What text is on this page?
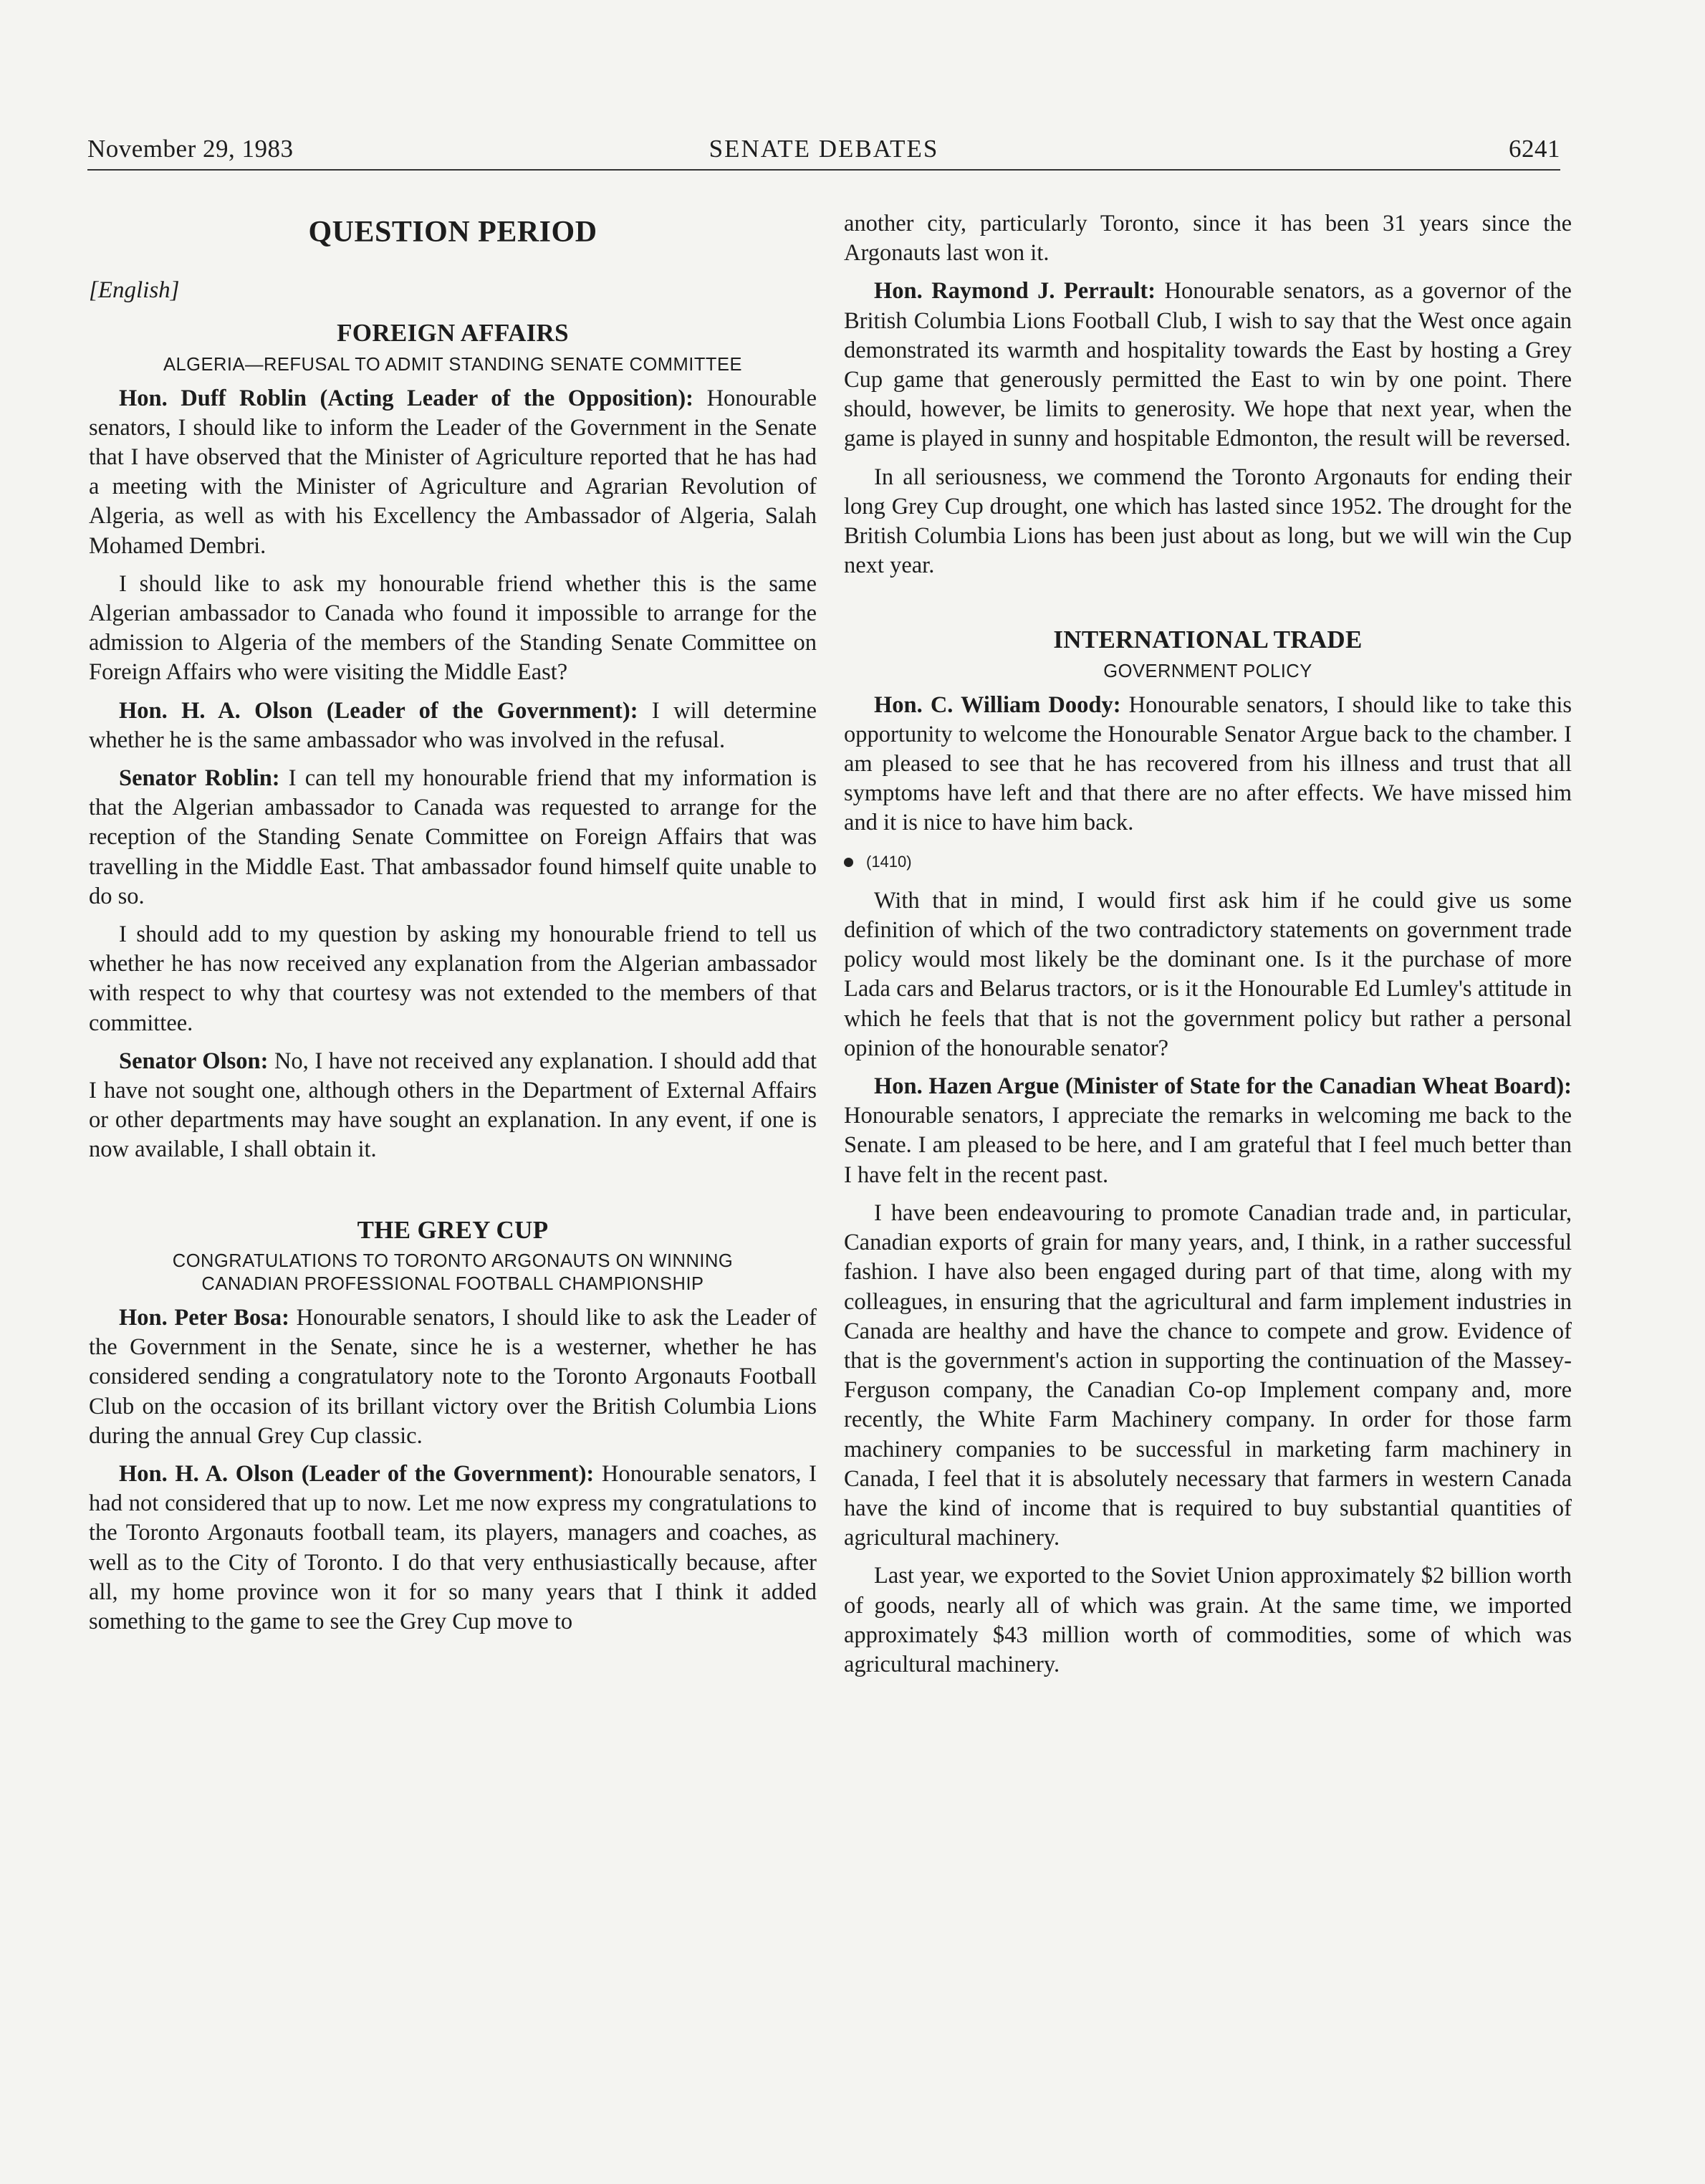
November 29, 1983	SENATE DEBATES	6241
QUESTION PERIOD
[English]
FOREIGN AFFAIRS
ALGERIA—REFUSAL TO ADMIT STANDING SENATE COMMITTEE

Hon. Duff Roblin (Acting Leader of the Opposition): Honourable senators, I should like to inform the Leader of the Government in the Senate that I have observed that the Minister of Agriculture reported that he has had a meeting with the Minister of Agriculture and Agrarian Revolution of Algeria, as well as with his Excellency the Ambassador of Algeria, Salah Mohamed Dembri.

I should like to ask my honourable friend whether this is the same Algerian ambassador to Canada who found it impossible to arrange for the admission to Algeria of the members of the Standing Senate Committee on Foreign Affairs who were visiting the Middle East?

Hon. H. A. Olson (Leader of the Government): I will determine whether he is the same ambassador who was involved in the refusal.

Senator Roblin: I can tell my honourable friend that my information is that the Algerian ambassador to Canada was requested to arrange for the reception of the Standing Senate Committee on Foreign Affairs that was travelling in the Middle East. That ambassador found himself quite unable to do so.

I should add to my question by asking my honourable friend to tell us whether he has now received any explanation from the Algerian ambassador with respect to why that courtesy was not extended to the members of that committee.

Senator Olson: No, I have not received any explanation. I should add that I have not sought one, although others in the Department of External Affairs or other departments may have sought an explanation. In any event, if one is now available, I shall obtain it.

THE GREY CUP
CONGRATULATIONS TO TORONTO ARGONAUTS ON WINNING
CANADIAN PROFESSIONAL FOOTBALL CHAMPIONSHIP

Hon. Peter Bosa: Honourable senators, I should like to ask the Leader of the Government in the Senate, since he is a westerner, whether he has considered sending a congratulatory note to the Toronto Argonauts Football Club on the occasion of its brillant victory over the British Columbia Lions during the annual Grey Cup classic.

Hon. H. A. Olson (Leader of the Government): Honourable senators, I had not considered that up to now. Let me now express my congratulations to the Toronto Argonauts football team, its players, managers and coaches, as well as to the City of Toronto. I do that very enthusiastically because, after all, my home province won it for so many years that I think it added something to the game to see the Grey Cup move to

another city, particularly Toronto, since it has been 31 years since the Argonauts last won it.

Hon. Raymond J. Perrault: Honourable senators, as a governor of the British Columbia Lions Football Club, I wish to say that the West once again demonstrated its warmth and hospitality towards the East by hosting a Grey Cup game that generously permitted the East to win by one point. There should, however, be limits to generosity. We hope that next year, when the game is played in sunny and hospitable Edmonton, the result will be reversed.

In all seriousness, we commend the Toronto Argonauts for ending their long Grey Cup drought, one which has lasted since 1952. The drought for the British Columbia Lions has been just about as long, but we will win the Cup next year.

INTERNATIONAL TRADE
GOVERNMENT POLICY

Hon. C. William Doody: Honourable senators, I should like to take this opportunity to welcome the Honourable Senator Argue back to the chamber. I am pleased to see that he has recovered from his illness and trust that all symptoms have left and that there are no after effects. We have missed him and it is nice to have him back.

(1410)

With that in mind, I would first ask him if he could give us some definition of which of the two contradictory statements on government trade policy would most likely be the dominant one. Is it the purchase of more Lada cars and Belarus tractors, or is it the Honourable Ed Lumley's attitude in which he feels that that is not the government policy but rather a personal opinion of the honourable senator?

Hon. Hazen Argue (Minister of State for the Canadian Wheat Board): Honourable senators, I appreciate the remarks in welcoming me back to the Senate. I am pleased to be here, and I am grateful that I feel much better than I have felt in the recent past.

I have been endeavouring to promote Canadian trade and, in particular, Canadian exports of grain for many years, and, I think, in a rather successful fashion. I have also been engaged during part of that time, along with my colleagues, in ensuring that the agricultural and farm implement industries in Canada are healthy and have the chance to compete and grow. Evidence of that is the government's action in supporting the continuation of the Massey-Ferguson company, the Canadian Co-op Implement company and, more recently, the White Farm Machinery company. In order for those farm machinery companies to be successful in marketing farm machinery in Canada, I feel that it is absolutely necessary that farmers in western Canada have the kind of income that is required to buy substantial quantities of agricultural machinery.

Last year, we exported to the Soviet Union approximately $2 billion worth of goods, nearly all of which was grain. At the same time, we imported approximately $43 million worth of commodities, some of which was agricultural machinery.
